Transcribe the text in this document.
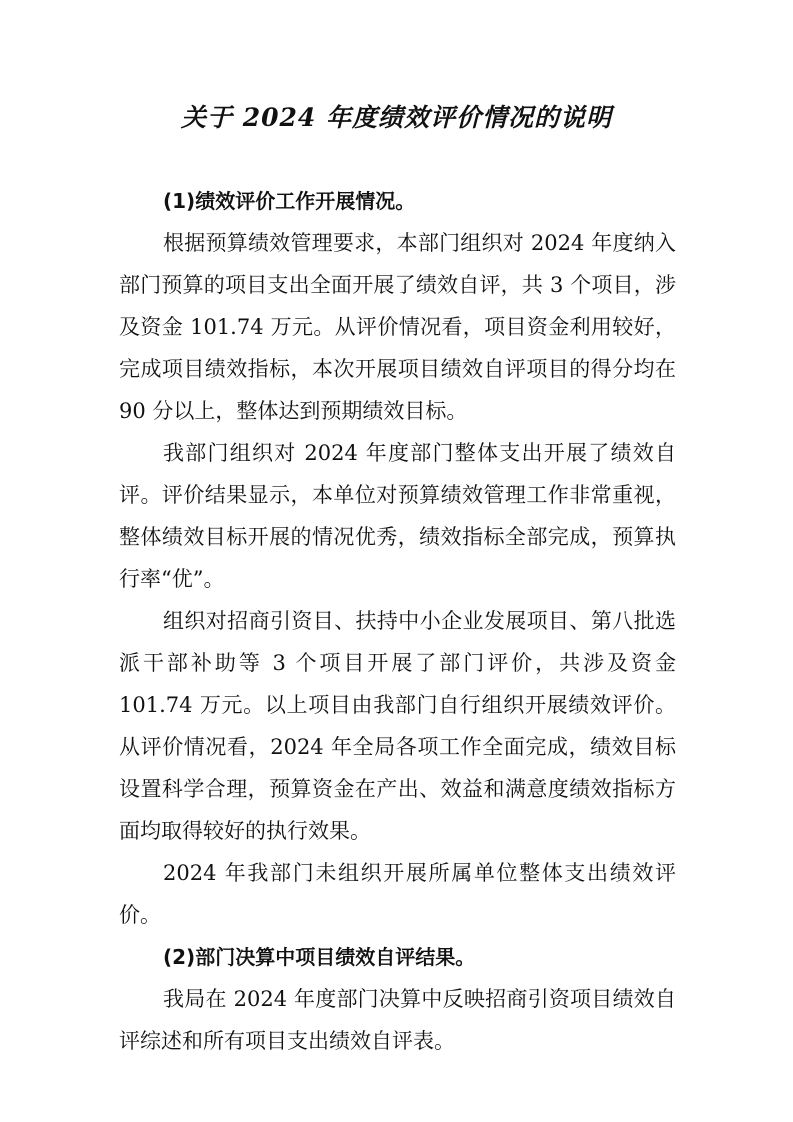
关于 2024 年度绩效评价情况的说明

(1)绩效评价工作开展情况。

根据预算绩效管理要求，本部门组织对 2024 年度纳入部门预算的项目支出全面开展了绩效自评，共 3 个项目，涉及资金 101.74 万元。从评价情况看，项目资金利用较好，完成项目绩效指标，本次开展项目绩效自评项目的得分均在 90 分以上，整体达到预期绩效目标。

我部门组织对 2024 年度部门整体支出开展了绩效自评。评价结果显示，本单位对预算绩效管理工作非常重视，整体绩效目标开展的情况优秀，绩效指标全部完成，预算执行率“优”。

组织对招商引资目、扶持中小企业发展项目、第八批选派干部补助等 3 个项目开展了部门评价，共涉及资金 101.74 万元。以上项目由我部门自行组织开展绩效评价。从评价情况看，2024 年全局各项工作全面完成，绩效目标设置科学合理，预算资金在产出、效益和满意度绩效指标方面均取得较好的执行效果。

2024 年我部门未组织开展所属单位整体支出绩效评价。

(2)部门决算中项目绩效自评结果。

我局在 2024 年度部门决算中反映招商引资项目绩效自评综述和所有项目支出绩效自评表。
